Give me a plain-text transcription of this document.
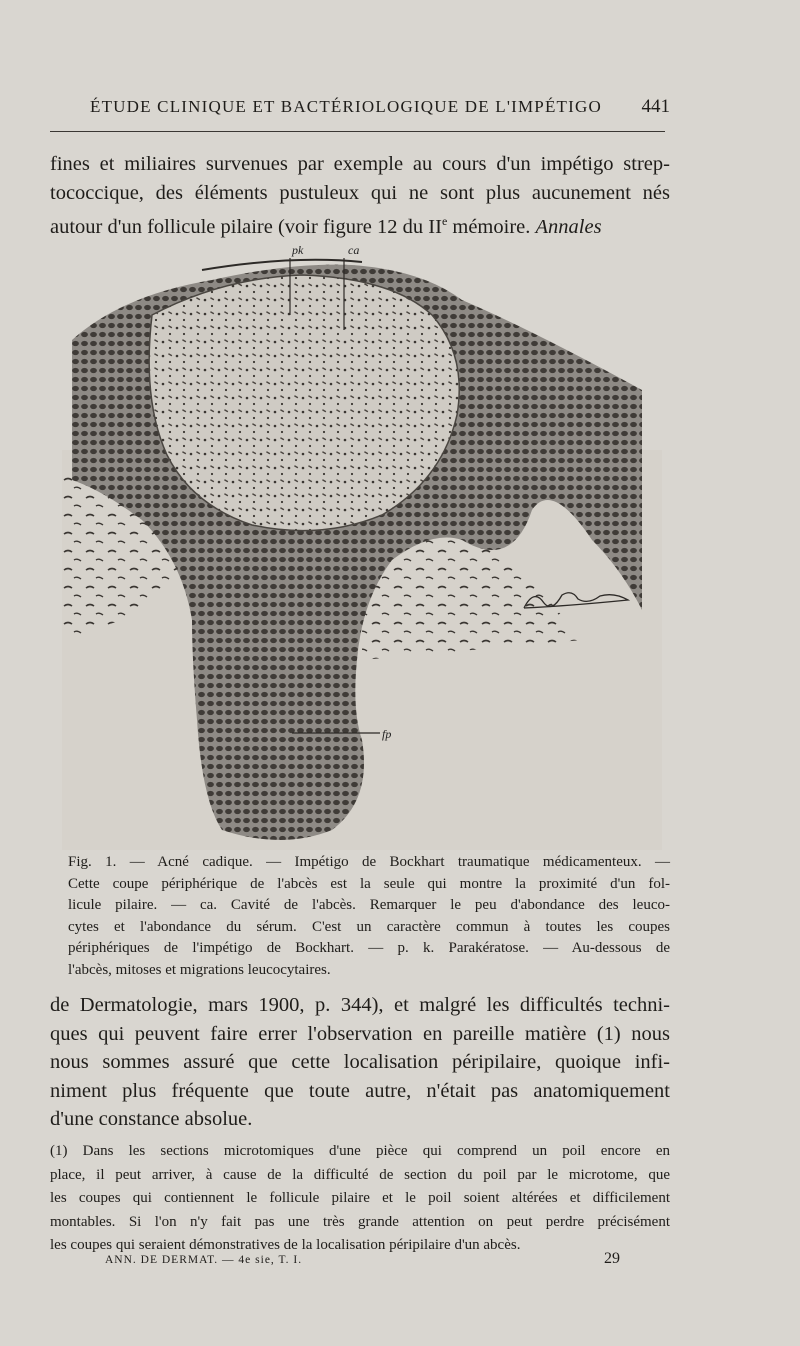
ÉTUDE CLINIQUE ET BACTÉRIOLOGIQUE DE L'IMPÉTIGO 441
fines et miliaires survenues par exemple au cours d'un impétigo strep-
tococcique, des éléments pustuleux qui ne sont plus aucunement nés
autour d'un follicule pilaire (voir figure 12 du IIe mémoire. Annales
pk	ca
fp
Fig. 1. — Acné cadique. — Impétigo de Bockhart traumatique médicamenteux. —
Cette coupe périphérique de l'abcès est la seule qui montre la proximité d'un fol-
licule pilaire. — ca. Cavité de l'abcès. Remarquer le peu d'abondance des leuco-
cytes et l'abondance du sérum. C'est un caractère commun à toutes les coupes
périphériques de l'impétigo de Bockhart. — p. k. Parakératose. — Au-dessous de
l'abcès, mitoses et migrations leucocytaires.
de Dermatologie, mars 1900, p. 344), et malgré les difficultés techni-
ques qui peuvent faire errer l'observation en pareille matière (1) nous
nous sommes assuré que cette localisation péripilaire, quoique infi-
niment plus fréquente que toute autre, n'était pas anatomiquement
d'une constance absolue.
(1) Dans les sections microtomiques d'une pièce qui comprend un poil encore en
place, il peut arriver, à cause de la difficulté de section du poil par le microtome, que
les coupes qui contiennent le follicule pilaire et le poil soient altérées et difficilement
montables. Si l'on n'y fait pas une très grande attention on peut perdre précisément
les coupes qui seraient démonstratives de la localisation péripilaire d'un abcès.
ANN. DE DERMAT. — 4e sie, T. I.	29
